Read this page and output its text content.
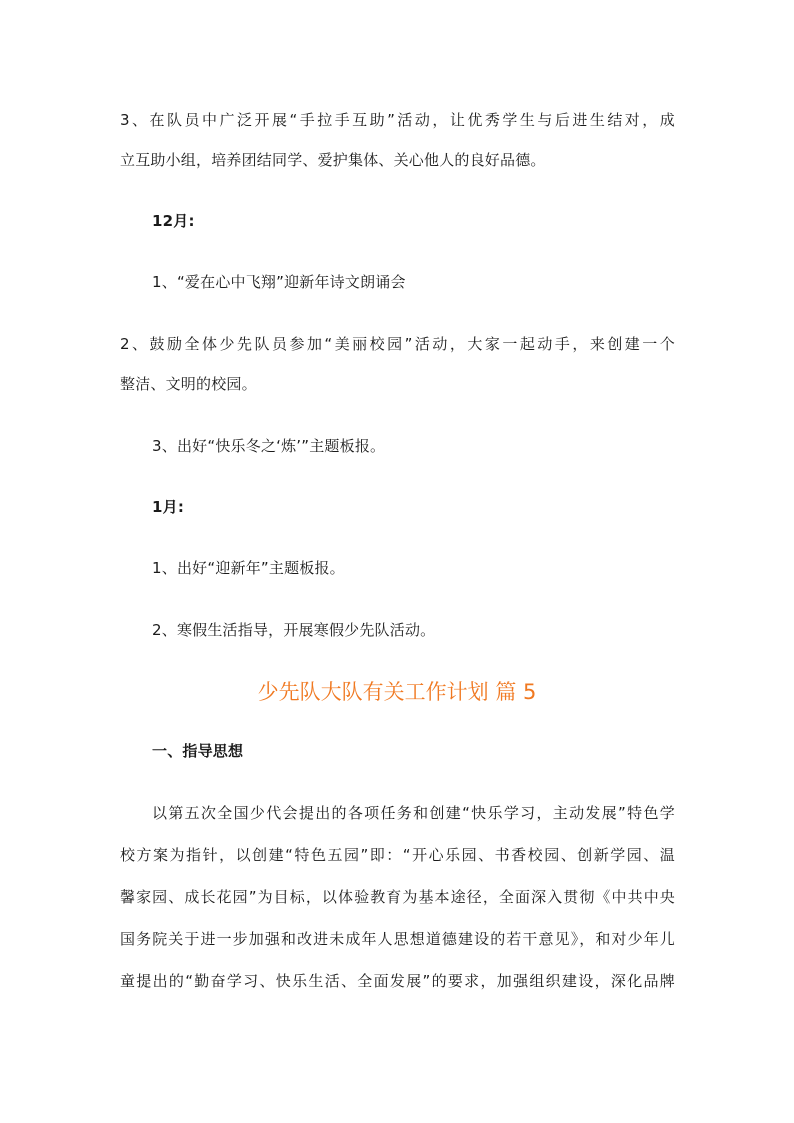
3、在队员中广泛开展“手拉手互助”活动，让优秀学生与后进生结对，成
立互助小组，培养团结同学、爱护集体、关心他人的良好品德。
12月:
1、“爱在心中飞翔”迎新年诗文朗诵会
2、鼓励全体少先队员参加“美丽校园”活动，大家一起动手，来创建一个
整洁、文明的校园。
3、出好“快乐冬之‘炼’”主题板报。
1月:
1、出好“迎新年”主题板报。
2、寒假生活指导，开展寒假少先队活动。
少先队大队有关工作计划 篇 5
一、指导思想
以第五次全国少代会提出的各项任务和创建“快乐学习，主动发展”特色学
校方案为指针，以创建“特色五园”即：“开心乐园、书香校园、创新学园、温
馨家园、成长花园”为目标，以体验教育为基本途径，全面深入贯彻《中共中央
国务院关于进一步加强和改进未成年人思想道德建设的若干意见》，和对少年儿
童提出的“勤奋学习、快乐生活、全面发展”的要求，加强组织建设，深化品牌
